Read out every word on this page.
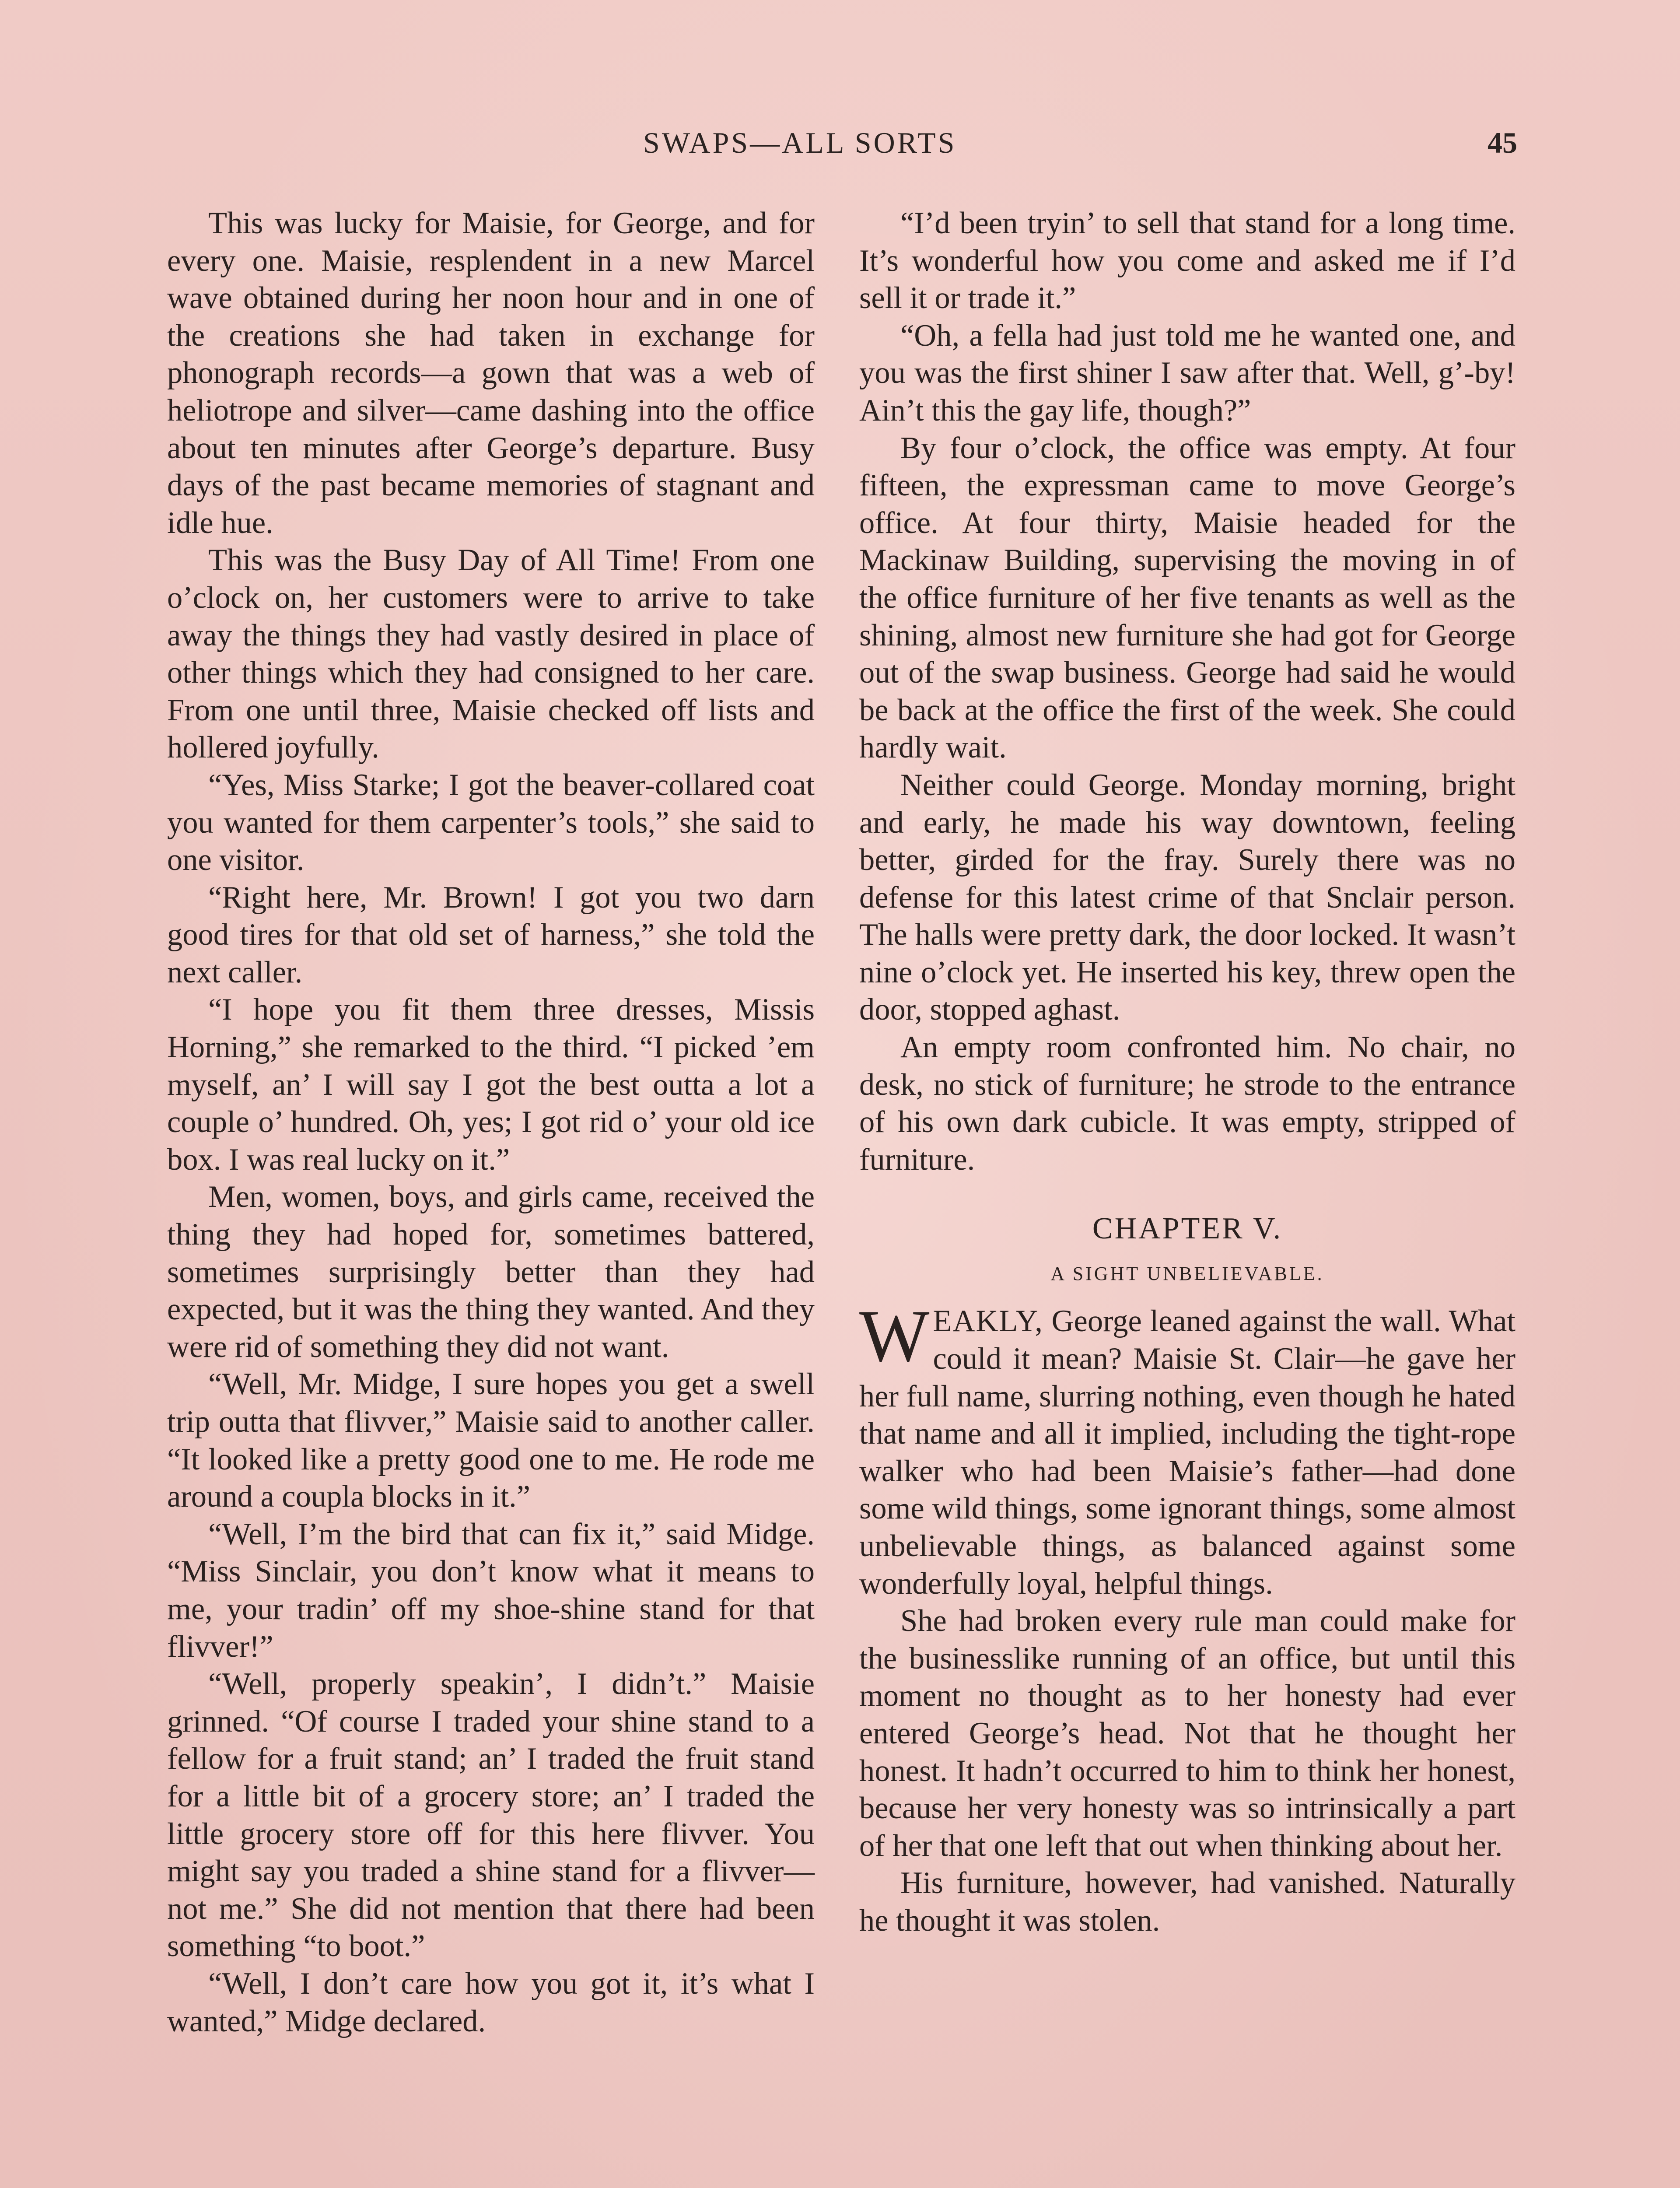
SWAPS—ALL SORTS	45

This was lucky for Maisie, for George, and for every one. Maisie, resplendent in a new Marcel wave obtained during her noon hour and in one of the creations she had taken in exchange for phonograph records—a gown that was a web of heliotrope and silver—came dashing into the office about ten minutes after George’s departure. Busy days of the past became memories of stagnant and idle hue.

This was the Busy Day of All Time! From one o’clock on, her customers were to arrive to take away the things they had vastly desired in place of other things which they had consigned to her care. From one until three, Maisie checked off lists and hollered joyfully.

“Yes, Miss Starke; I got the beaver-collared coat you wanted for them carpenter’s tools,” she said to one visitor.

“Right here, Mr. Brown! I got you two darn good tires for that old set of harness,” she told the next caller.

“I hope you fit them three dresses, Missis Horning,” she remarked to the third. “I picked ’em myself, an’ I will say I got the best outta a lot a couple o’ hundred. Oh, yes; I got rid o’ your old ice box. I was real lucky on it.”

Men, women, boys, and girls came, received the thing they had hoped for, sometimes battered, sometimes surprisingly better than they had expected, but it was the thing they wanted. And they were rid of something they did not want.

“Well, Mr. Midge, I sure hopes you get a swell trip outta that flivver,” Maisie said to another caller. “It looked like a pretty good one to me. He rode me around a coupla blocks in it.”

“Well, I’m the bird that can fix it,” said Midge. “Miss Sinclair, you don’t know what it means to me, your tradin’ off my shoe-shine stand for that flivver!”

“Well, properly speakin’, I didn’t.” Maisie grinned. “Of course I traded your shine stand to a fellow for a fruit stand; an’ I traded the fruit stand for a little bit of a grocery store; an’ I traded the little grocery store off for this here flivver. You might say you traded a shine stand for a flivver—not me.” She did not mention that there had been something “to boot.”

“Well, I don’t care how you got it, it’s what I wanted,” Midge declared.

“I’d been tryin’ to sell that stand for a long time. It’s wonderful how you come and asked me if I’d sell it or trade it.”

“Oh, a fella had just told me he wanted one, and you was the first shiner I saw after that. Well, g’-by! Ain’t this the gay life, though?”

By four o’clock, the office was empty. At four fifteen, the expressman came to move George’s office. At four thirty, Maisie headed for the Mackinaw Building, supervising the moving in of the office furniture of her five tenants as well as the shining, almost new furniture she had got for George out of the swap business. George had said he would be back at the office the first of the week. She could hardly wait.

Neither could George. Monday morning, bright and early, he made his way downtown, feeling better, girded for the fray. Surely there was no defense for this latest crime of that Snclair person. The halls were pretty dark, the door locked. It wasn’t nine o’clock yet. He inserted his key, threw open the door, stopped aghast.

An empty room confronted him. No chair, no desk, no stick of furniture; he strode to the entrance of his own dark cubicle. It was empty, stripped of furniture.

CHAPTER V.
A SIGHT UNBELIEVABLE.

WEAKLY, George leaned against the wall. What could it mean? Maisie St. Clair—he gave her her full name, slurring nothing, even though he hated that name and all it implied, including the tight-rope walker who had been Maisie’s father—had done some wild things, some ignorant things, some almost unbelievable things, as balanced against some wonderfully loyal, helpful things.

She had broken every rule man could make for the businesslike running of an office, but until this moment no thought as to her honesty had ever entered George’s head. Not that he thought her honest. It hadn’t occurred to him to think her honest, because her very honesty was so intrinsically a part of her that one left that out when thinking about her.

His furniture, however, had vanished. Naturally he thought it was stolen.
